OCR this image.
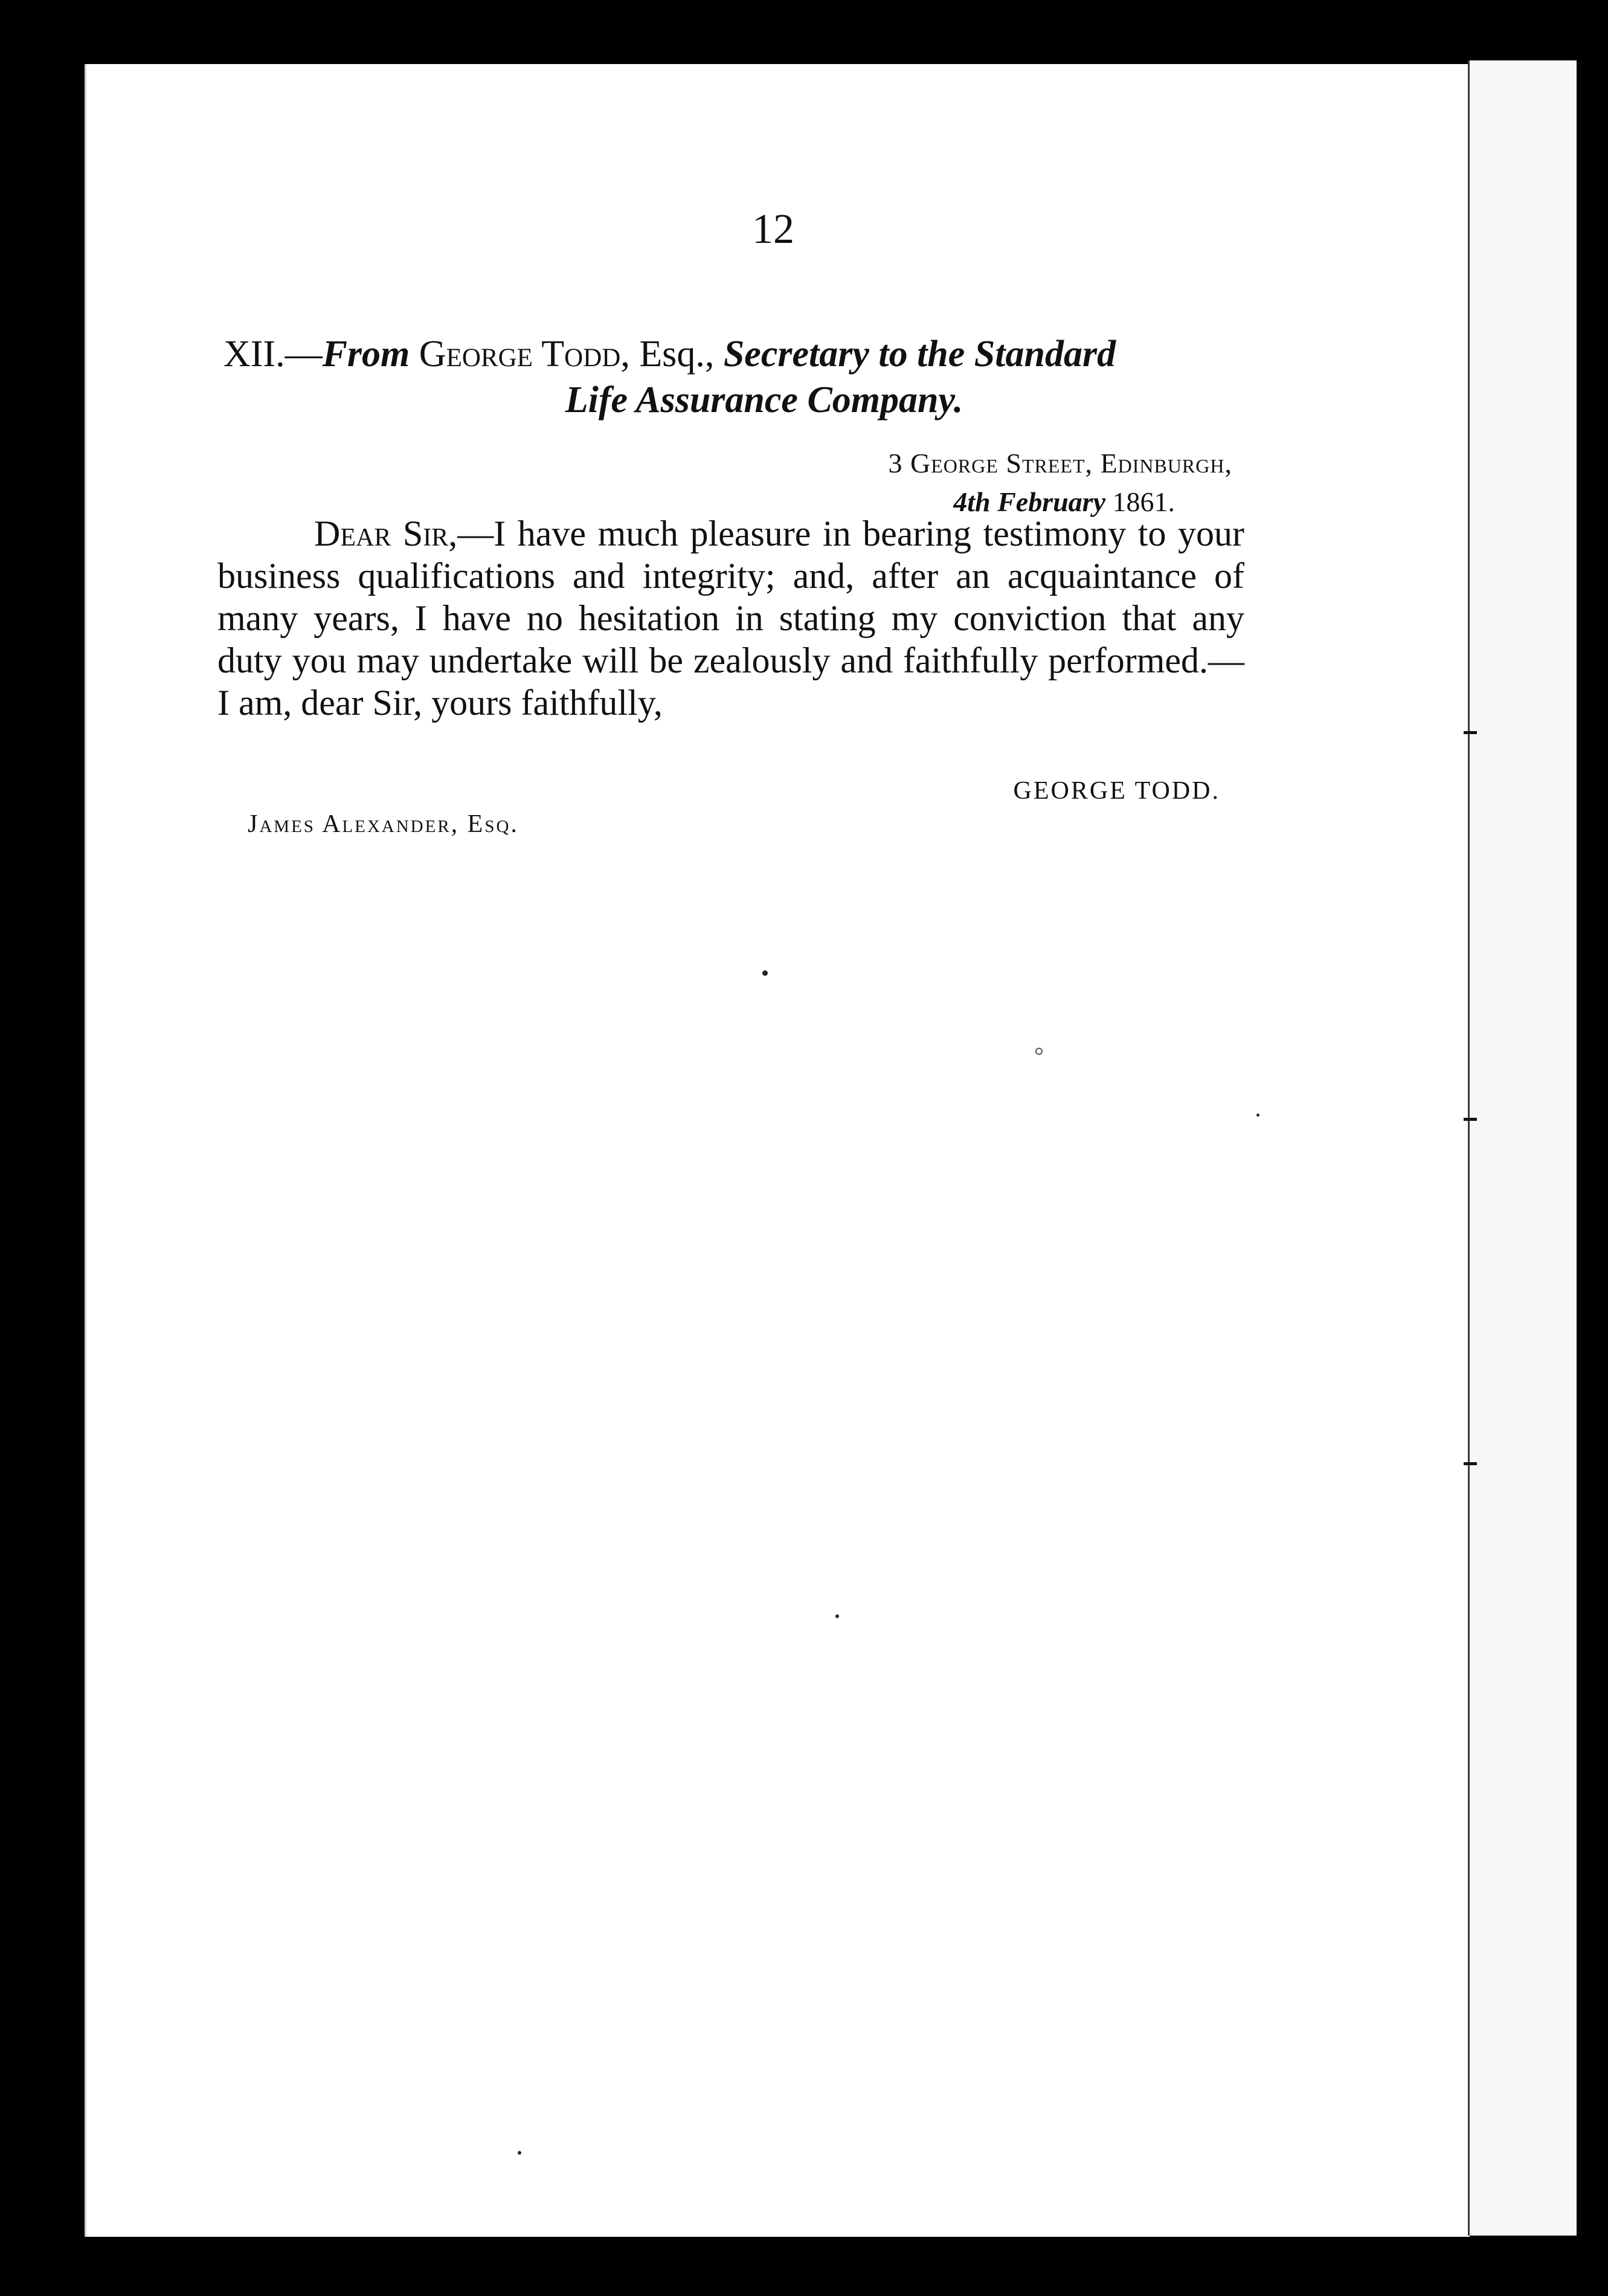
12
XII.—From George Todd, Esq., Secretary to the Standard
Life Assurance Company.
3 George Street, Edinburgh,
4th February 1861.

Dear Sir,—I have much pleasure in bearing testimony to your business qualifications and integrity; and, after an acquaintance of many years, I have no hesitation in stating my conviction that any duty you may undertake will be zealously and faithfully performed.—I am, dear Sir, yours faithfully,

GEORGE TODD.
James Alexander, Esq.
